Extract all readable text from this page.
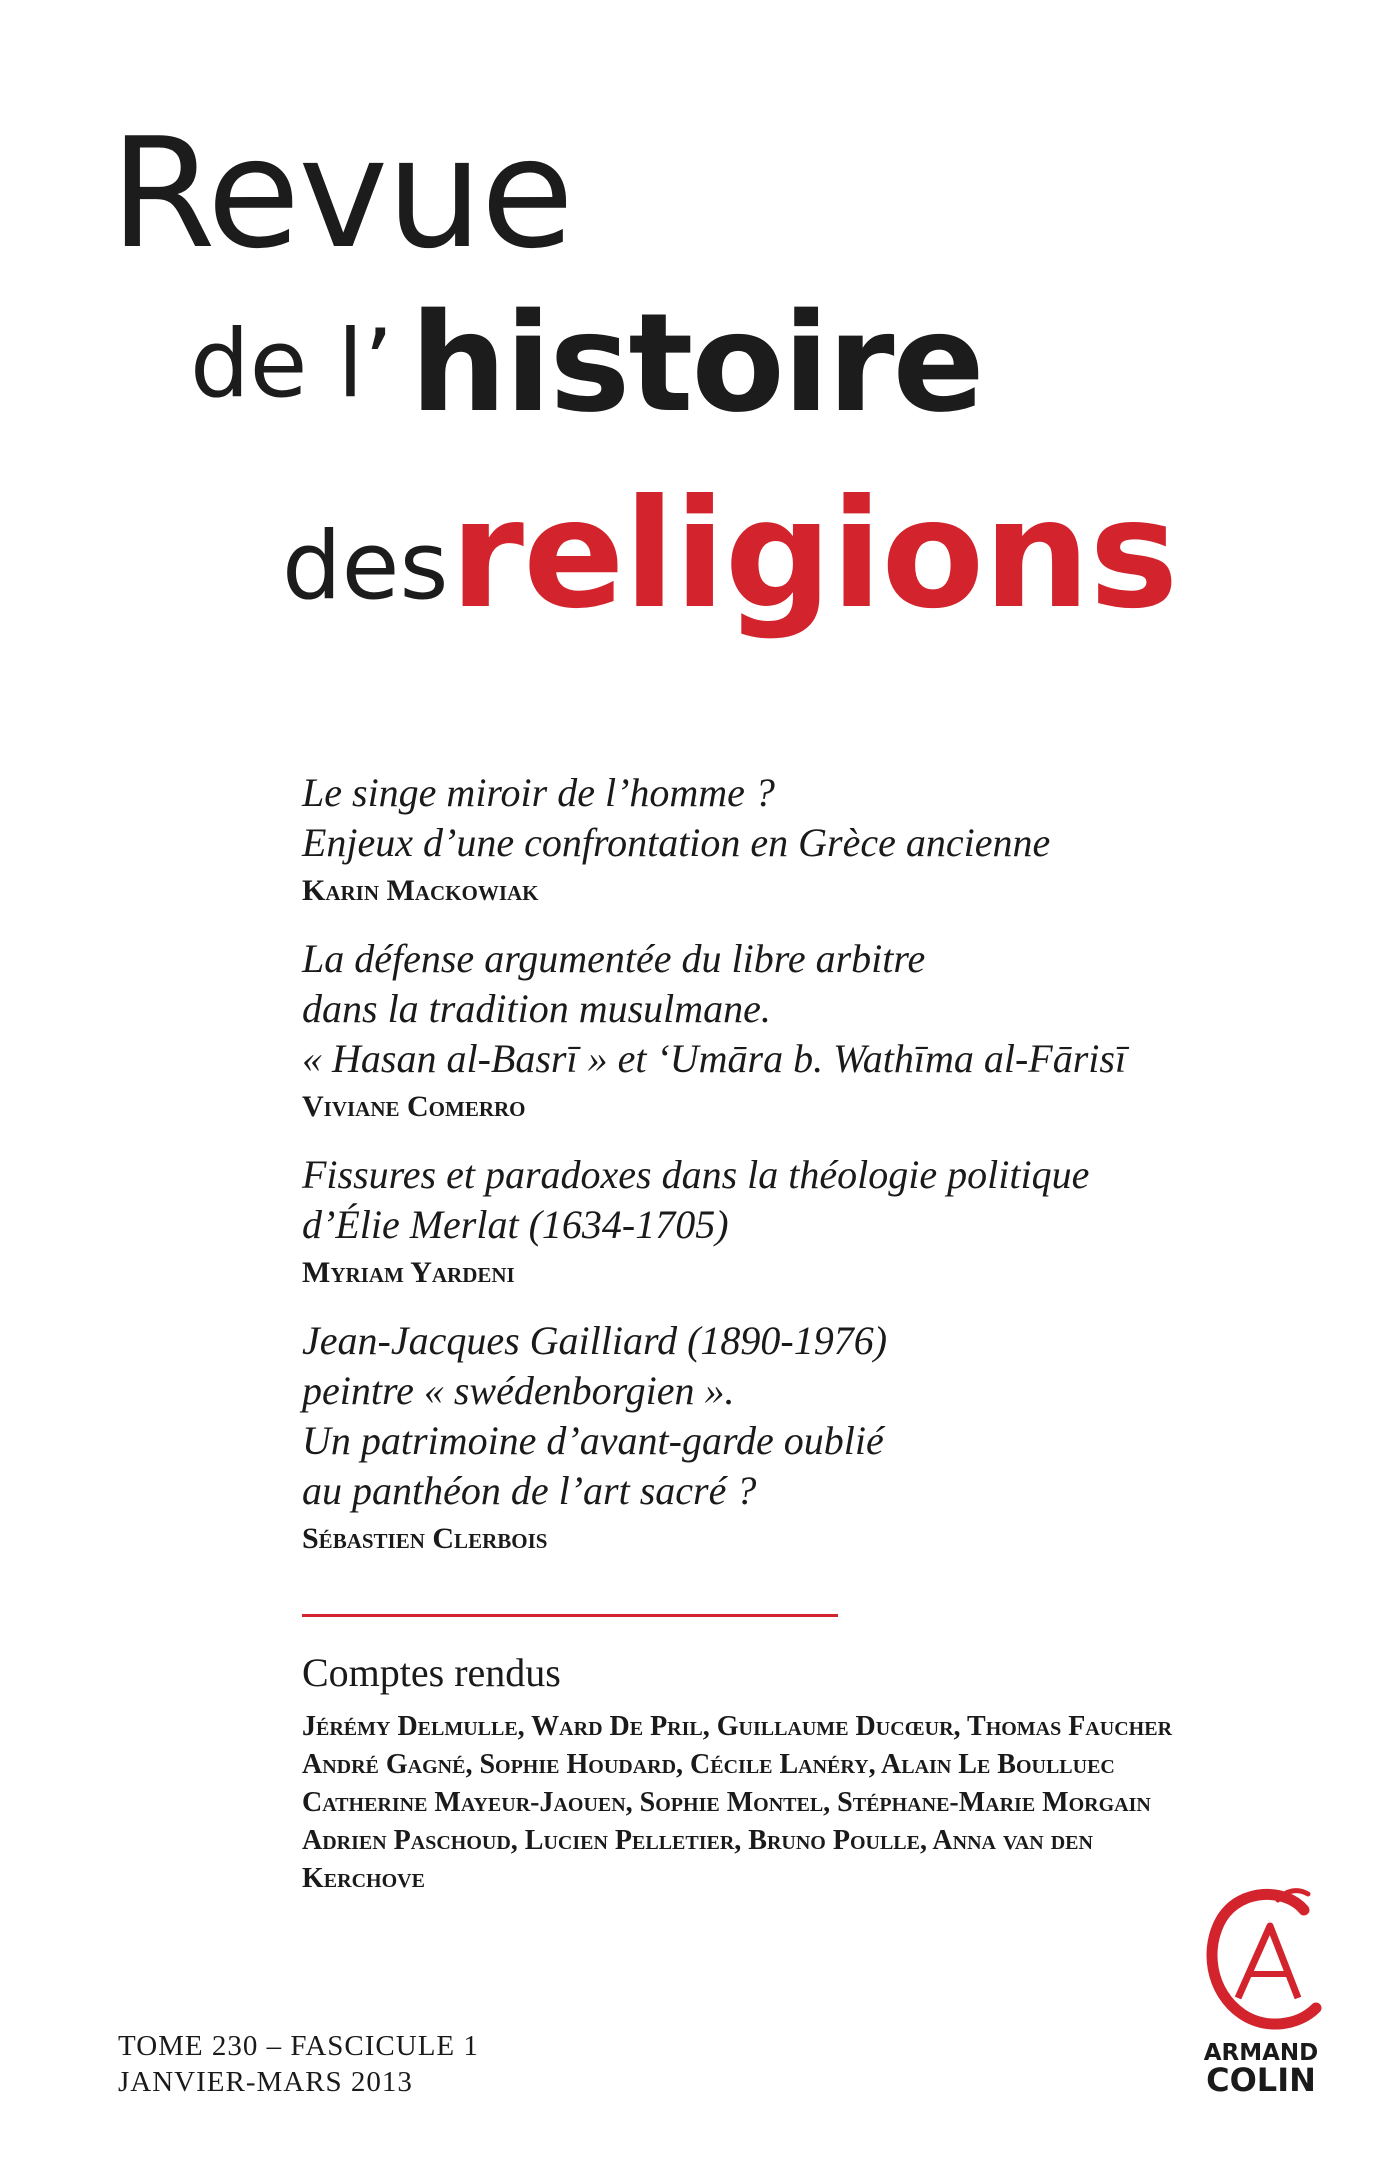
Revue
de l’ histoire
des religions
Le singe miroir de l’homme ?
Enjeux d’une confrontation en Grèce ancienne
Karin Mackowiak
La défense argumentée du libre arbitre
dans la tradition musulmane.
« Hasan al-Basrī » et ‘Umāra b. Wathīma al-Fārisī
Viviane Comerro
Fissures et paradoxes dans la théologie politique
d’Élie Merlat (1634-1705)
Myriam Yardeni
Jean-Jacques Gailliard (1890-1976)
peintre « swédenborgien ».
Un patrimoine d’avant-garde oublié
au panthéon de l’art sacré ?
Sébastien Clerbois
Comptes rendus
Jérémy Delmulle, Ward De Pril, Guillaume Ducœur, Thomas Faucher
André Gagné, Sophie Houdard, Cécile Lanéry, Alain Le Boulluec
Catherine Mayeur-Jaouen, Sophie Montel, Stéphane-Marie Morgain
Adrien Paschoud, Lucien Pelletier, Bruno Poulle, Anna van den
Kerchove
TOME 230 – FASCICULE 1
JANVIER-MARS 2013
ARMAND
COLIN
